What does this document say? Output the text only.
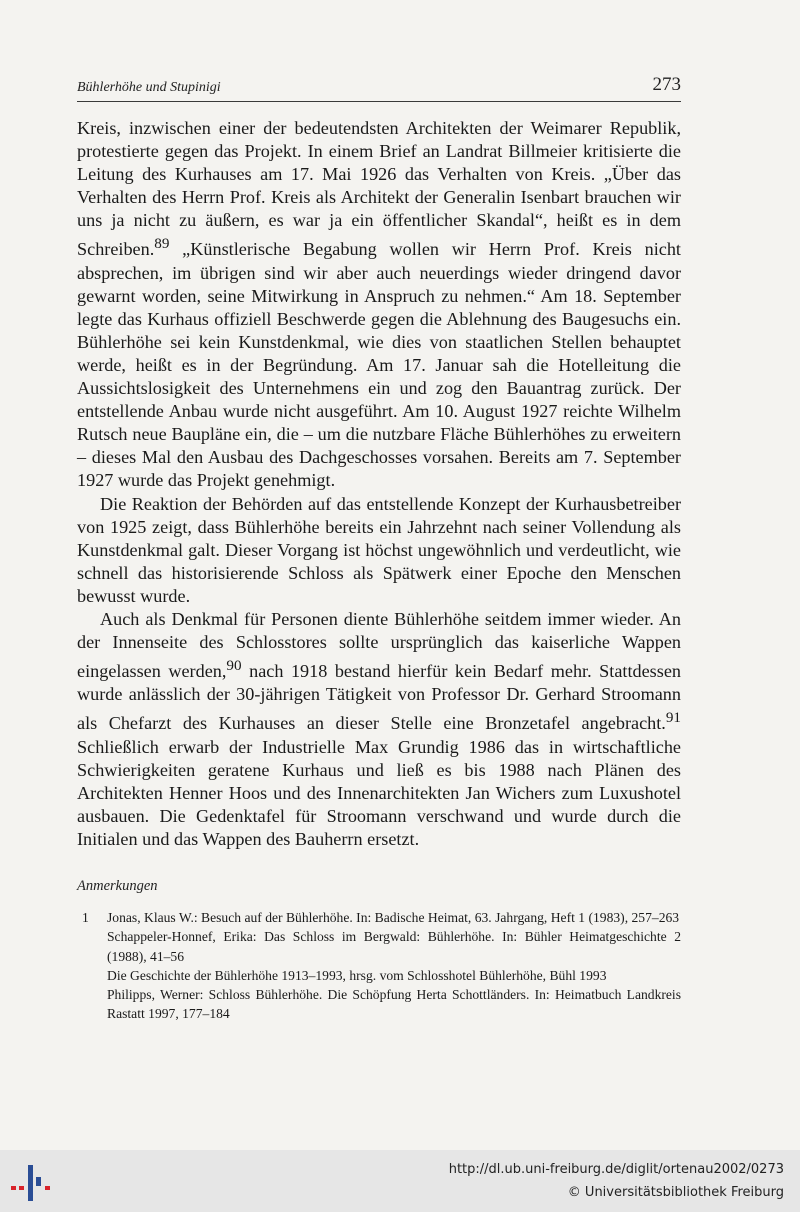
Bühlerhöhe und Stupinigi	273

Kreis, inzwischen einer der bedeutendsten Architekten der Weimarer Republik, protestierte gegen das Projekt. In einem Brief an Landrat Billmeier kritisierte die Leitung des Kurhauses am 17. Mai 1926 das Verhalten von Kreis. „Über das Verhalten des Herrn Prof. Kreis als Architekt der Generalin Isenbart brauchen wir uns ja nicht zu äußern, es war ja ein öffentlicher Skandal“, heißt es in dem Schreiben.$^{89}$ „Künstlerische Begabung wollen wir Herrn Prof. Kreis nicht absprechen, im übrigen sind wir aber auch neuerdings wieder dringend davor gewarnt worden, seine Mitwirkung in Anspruch zu nehmen.“ Am 18. September legte das Kurhaus offiziell Beschwerde gegen die Ablehnung des Baugesuchs ein. Bühlerhöhe sei kein Kunstdenkmal, wie dies von staatlichen Stellen behauptet werde, heißt es in der Begründung. Am 17. Januar sah die Hotelleitung die Aussichtslosigkeit des Unternehmens ein und zog den Bauantrag zurück. Der entstellende Anbau wurde nicht ausgeführt. Am 10. August 1927 reichte Wilhelm Rutsch neue Baupläne ein, die – um die nutzbare Fläche Bühlerhöhes zu erweitern – dieses Mal den Ausbau des Dachgeschosses vorsahen. Bereits am 7. September 1927 wurde das Projekt genehmigt.

Die Reaktion der Behörden auf das entstellende Konzept der Kurhausbetreiber von 1925 zeigt, dass Bühlerhöhe bereits ein Jahrzehnt nach seiner Vollendung als Kunstdenkmal galt. Dieser Vorgang ist höchst ungewöhnlich und verdeutlicht, wie schnell das historisierende Schloss als Spätwerk einer Epoche den Menschen bewusst wurde.

Auch als Denkmal für Personen diente Bühlerhöhe seitdem immer wieder. An der Innenseite des Schlosstores sollte ursprünglich das kaiserliche Wappen eingelassen werden,$^{90}$ nach 1918 bestand hierfür kein Bedarf mehr. Stattdessen wurde anlässlich der 30-jährigen Tätigkeit von Professor Dr. Gerhard Stroomann als Chefarzt des Kurhauses an dieser Stelle eine Bronzetafel angebracht.$^{91}$ Schließlich erwarb der Industrielle Max Grundig 1986 das in wirtschaftliche Schwierigkeiten geratene Kurhaus und ließ es bis 1988 nach Plänen des Architekten Henner Hoos und des Innenarchitekten Jan Wichers zum Luxushotel ausbauen. Die Gedenktafel für Stroomann verschwand und wurde durch die Initialen und das Wappen des Bauherrn ersetzt.

Anmerkungen
1 Jonas, Klaus W.: Besuch auf der Bühlerhöhe. In: Badische Heimat, 63. Jahrgang, Heft 1 (1983), 257–263
Schappeler-Honnef, Erika: Das Schloss im Bergwald: Bühlerhöhe. In: Bühler Heimatgeschichte 2 (1988), 41–56
Die Geschichte der Bühlerhöhe 1913–1993, hrsg. vom Schlosshotel Bühlerhöhe, Bühl 1993
Philipps, Werner: Schloss Bühlerhöhe. Die Schöpfung Herta Schottländers. In: Heimatbuch Landkreis Rastatt 1997, 177–184
http://dl.ub.uni-freiburg.de/diglit/ortenau2002/0273
© Universitätsbibliothek Freiburg
